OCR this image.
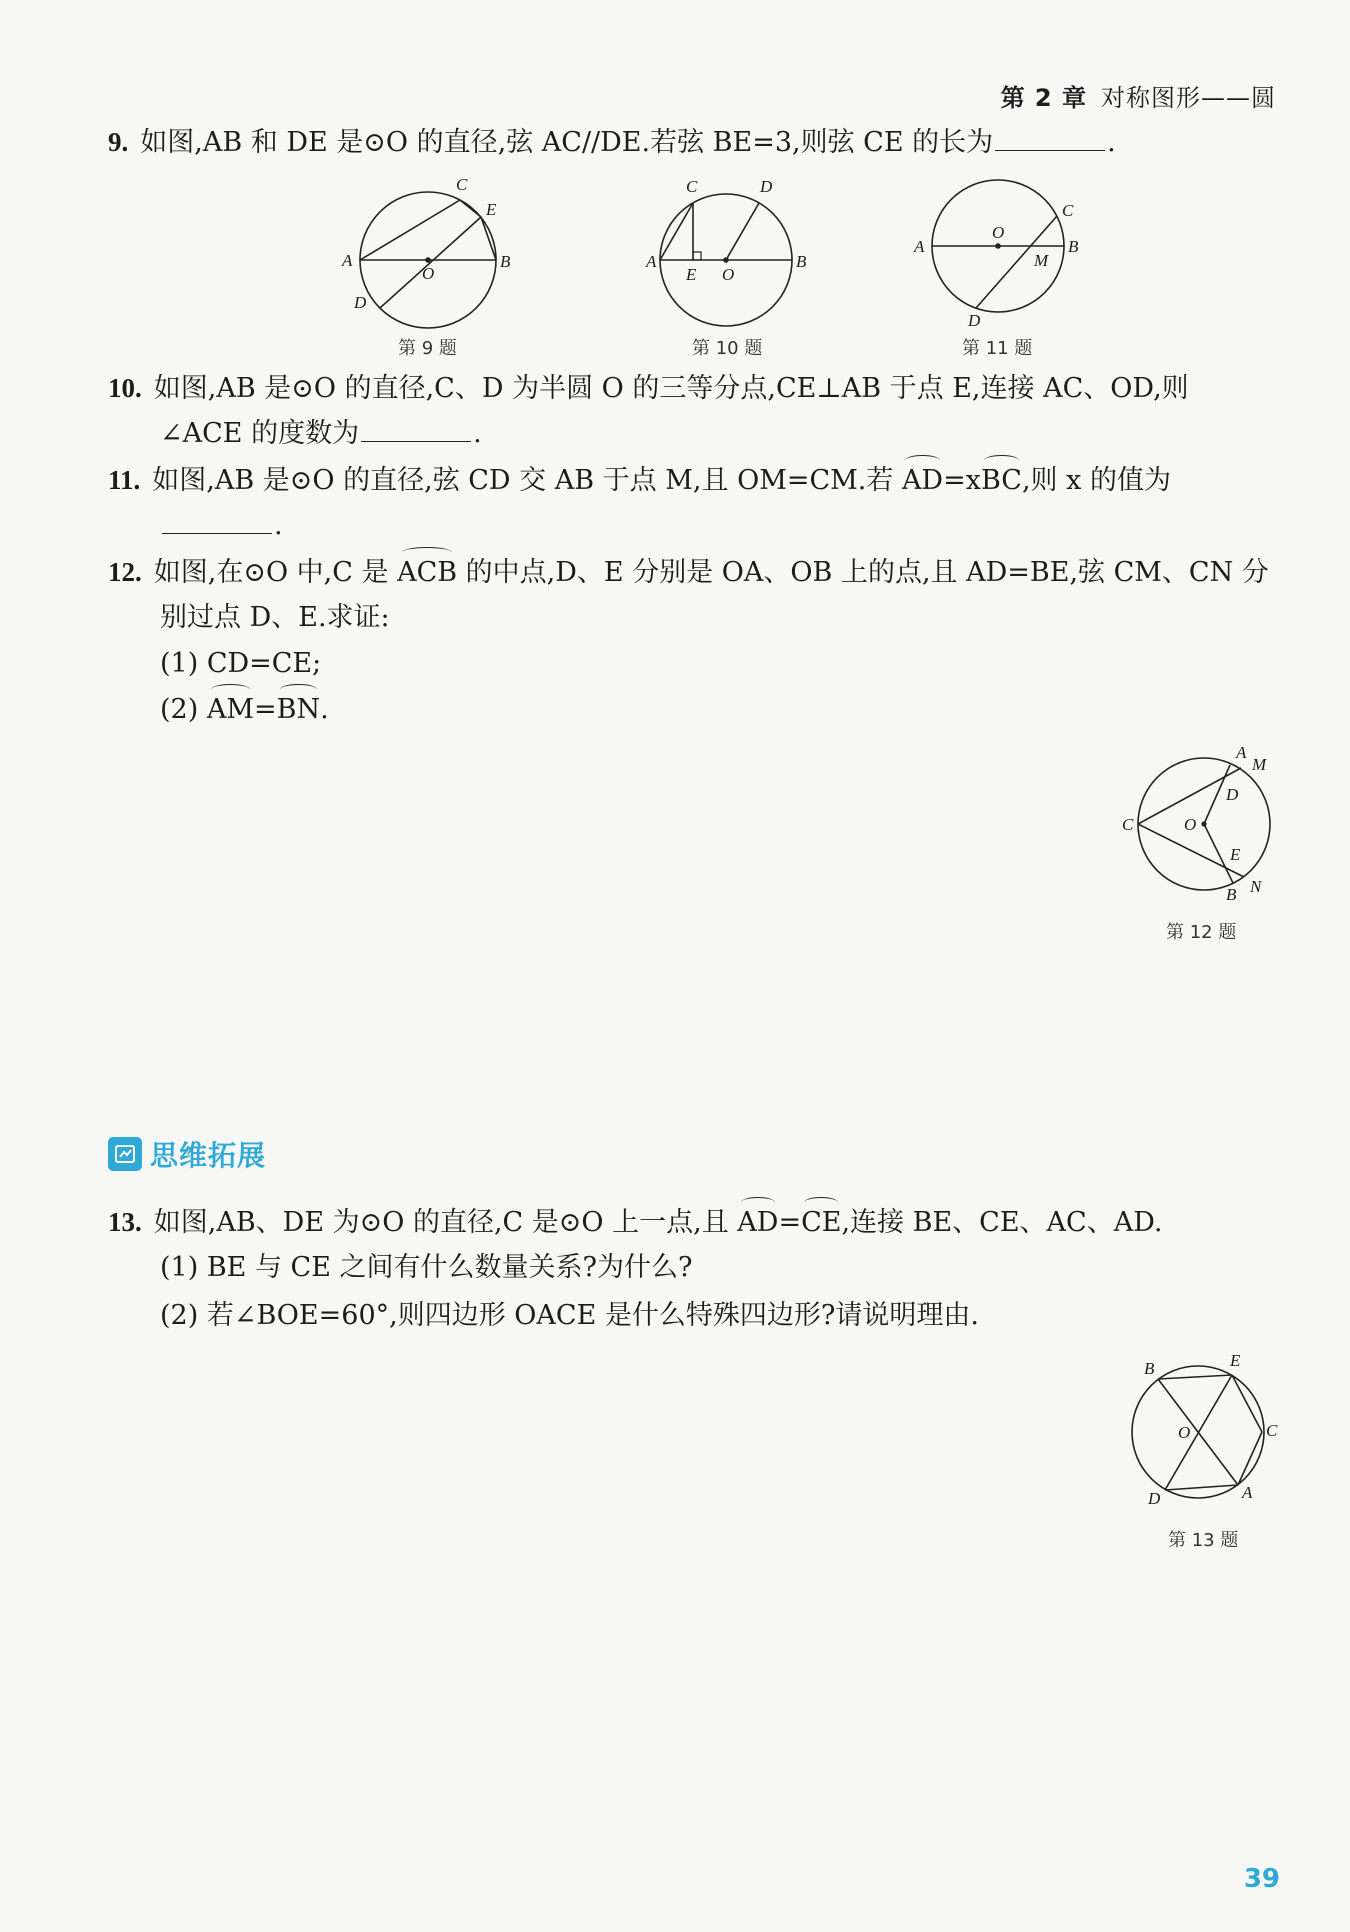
第 2 章 对称图形——圆
9. 如图,AB 和 DE 是⊙O 的直径,弦 AC//DE.若弦 BE=3,则弦 CE 的长为	.
A	B
C
E
D
O
第 9 题
A	B
C	D
E O
第 10 题
A	B
C
D
M
O
第 11 题
10. 如图,AB 是⊙O 的直径,C、D 为半圆 O 的三等分点,CE⊥AB 于点 E,连接 AC、OD,则
∠ACE 的度数为	.
11. 如图,AB 是⊙O 的直径,弦 CD 交 AB 于点 M,且 OM=CM.若 AD=xBC,则 x 的值为
.
12. 如图,在⊙O 中,C 是 ACB 的中点,D、E 分别是 OA、OB 上的点,且 AD=BE,弦 CM、CN 分
别过点 D、E.求证:
(1) CD=CE;
(2) AM=BN.
C	O
A
M
D
E
B N
第 12 题
思维拓展
13. 如图,AB、DE 为⊙O 的直径,C 是⊙O 上一点,且 AD=CE,连接 BE、CE、AC、AD.
(1) BE 与 CE 之间有什么数量关系?为什么?
(2) 若∠BOE=60°,则四边形 OACE 是什么特殊四边形?请说明理由.
B	E
C
A
D
O
第 13 题
39
